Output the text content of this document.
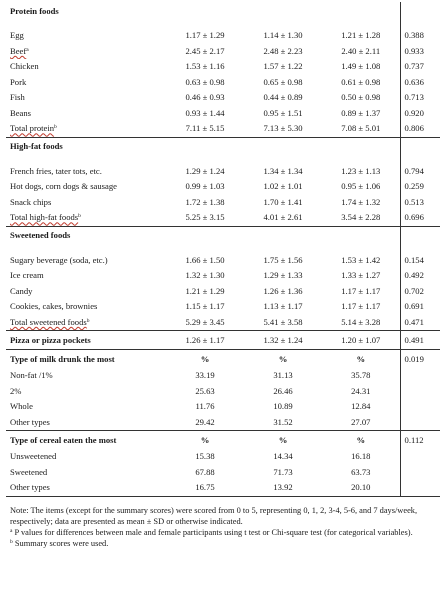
Protein foods				

Egg	1.17 ± 1.29	1.14 ± 1.30	1.21 ± 1.28	0.388
Beef$^a$	2.45 ± 2.17	2.48 ± 2.23	2.40 ± 2.11	0.933
Chicken	1.53 ± 1.16	1.57 ± 1.22	1.49 ± 1.08	0.737
Pork	0.63 ± 0.98	0.65 ± 0.98	0.61 ± 0.98	0.636
Fish	0.46 ± 0.93	0.44 ± 0.89	0.50 ± 0.98	0.713
Beans	0.93 ± 1.44	0.95 ± 1.51	0.89 ± 1.37	0.920
Total protein$^b$	7.11 ± 5.15	7.13 ± 5.30	7.08 ± 5.01	0.806
High-fat foods				

French fries, tater tots, etc.	1.29 ± 1.24	1.34 ± 1.34	1.23 ± 1.13	0.794
Hot dogs, corn dogs & sausage	0.99 ± 1.03	1.02 ± 1.01	0.95 ± 1.06	0.259
Snack chips	1.72 ± 1.38	1.70 ± 1.41	1.74 ± 1.32	0.513
Total high-fat foods$^b$	5.25 ± 3.15	4.01 ± 2.61	3.54 ± 2.28	0.696
Sweetened foods				

Sugary beverage (soda, etc.)	1.66 ± 1.50	1.75 ± 1.56	1.53 ± 1.42	0.154
Ice cream	1.32 ± 1.30	1.29 ± 1.33	1.33 ± 1.27	0.492
Candy	1.21 ± 1.29	1.26 ± 1.36	1.17 ± 1.17	0.702
Cookies, cakes, brownies	1.15 ± 1.17	1.13 ± 1.17	1.17 ± 1.17	0.691
Total sweetened foods$^b$	5.29 ± 3.45	5.41 ± 3.58	5.14 ± 3.28	0.471
Pizza or pizza pockets	1.26 ± 1.17	1.32 ± 1.24	1.20 ± 1.07	0.491
Type of milk drunk the most	%	%	%	0.019
Non-fat /1%	33.19	31.13	35.78	
2%	25.63	26.46	24.31	
Whole	11.76	10.89	12.84	
Other types	29.42	31.52	27.07	
Type of cereal eaten the most	%	%	%	0.112
Unsweetened	15.38	14.34	16.18	
Sweetened	67.88	71.73	63.73	
Other types	16.75	13.92	20.10	

Note: The items (except for the summary scores) were scored from 0 to 5, representing 0, 1, 2, 3-4, 5-6, and 7 days/week, respectively; data are presented as mean ± SD or otherwise indicated.

$^a$ P values for differences between male and female participants using t test or Chi-square test (for categorical variables).

$^b$ Summary scores were used.
